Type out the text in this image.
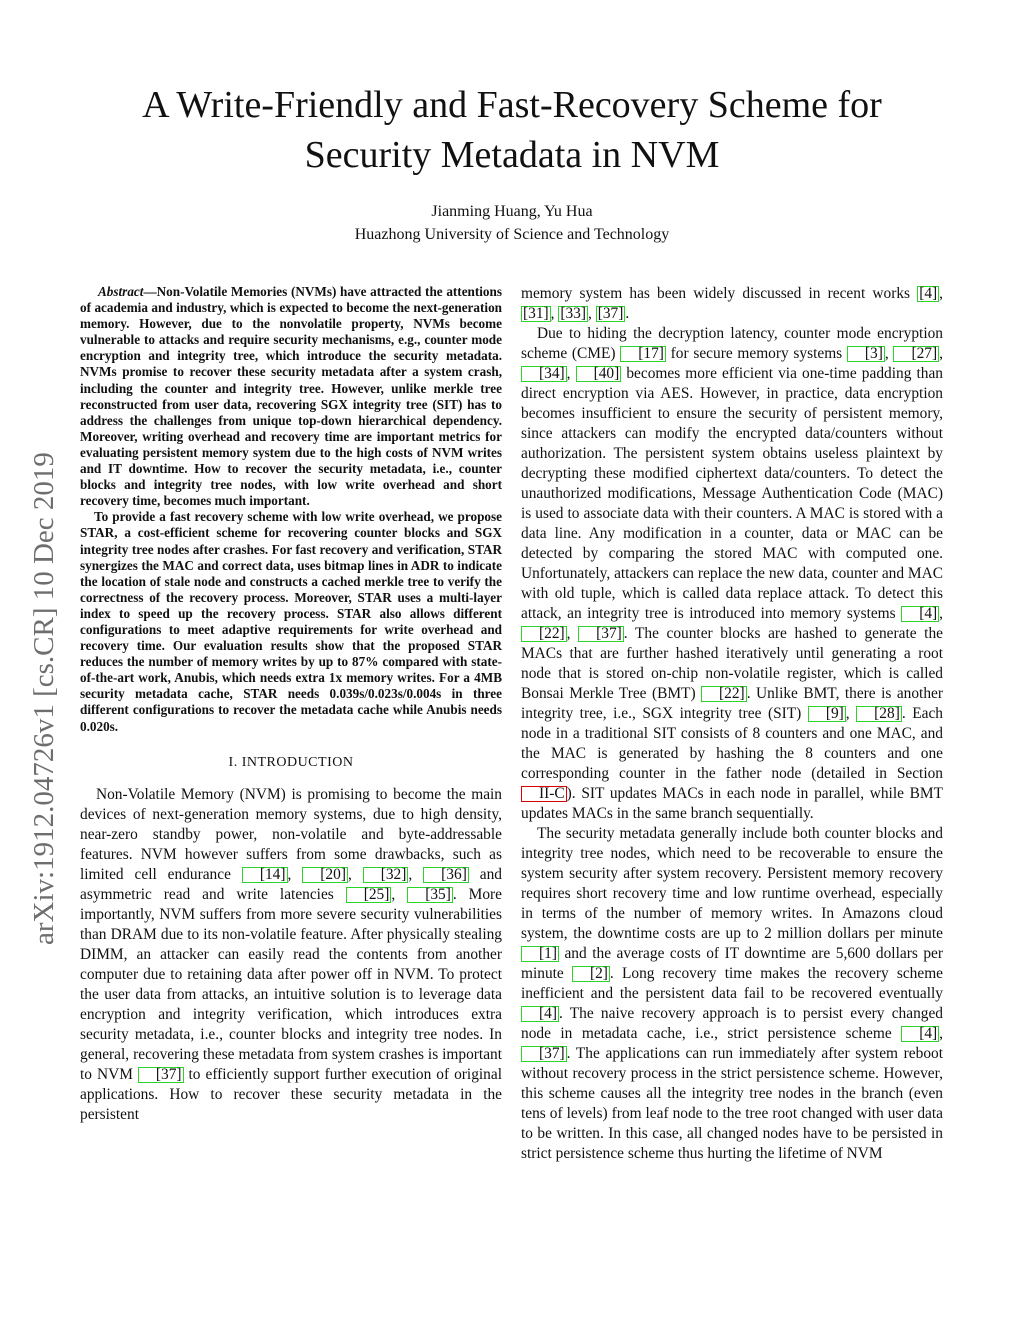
A Write-Friendly and Fast-Recovery Scheme for
Security Metadata in NVM
Jianming Huang, Yu Hua
Huazhong University of Science and Technology
arXiv:1912.04726v1 [cs.CR] 10 Dec 2019

Abstract—Non-Volatile Memories (NVMs) have attracted the attentions of academia and industry, which is expected to become the next-generation memory. However, due to the nonvolatile property, NVMs become vulnerable to attacks and require security mechanisms, e.g., counter mode encryption and integrity tree, which introduce the security metadata. NVMs promise to recover these security metadata after a system crash, including the counter and integrity tree. However, unlike merkle tree reconstructed from user data, recovering SGX integrity tree (SIT) has to address the challenges from unique top-down hierarchical dependency. Moreover, writing overhead and recovery time are important metrics for evaluating persistent memory system due to the high costs of NVM writes and IT downtime. How to recover the security metadata, i.e., counter blocks and integrity tree nodes, with low write overhead and short recovery time, becomes much important.

To provide a fast recovery scheme with low write overhead, we propose STAR, a cost-efficient scheme for recovering counter blocks and SGX integrity tree nodes after crashes. For fast recovery and verification, STAR synergizes the MAC and correct data, uses bitmap lines in ADR to indicate the location of stale node and constructs a cached merkle tree to verify the correctness of the recovery process. Moreover, STAR uses a multi-layer index to speed up the recovery process. STAR also allows different configurations to meet adaptive requirements for write overhead and recovery time. Our evaluation results show that the proposed STAR reduces the number of memory writes by up to 87% compared with state-of-the-art work, Anubis, which needs extra 1x memory writes. For a 4MB security metadata cache, STAR needs 0.039s/0.023s/0.004s in three different configurations to recover the metadata cache while Anubis needs 0.020s.

I. INTRODUCTION

Non-Volatile Memory (NVM) is promising to become the main devices of next-generation memory systems, due to high density, near-zero standby power, non-volatile and byte-addressable features. NVM however suffers from some drawbacks, such as limited cell endurance [14] , [20] , [32] , [36] and asymmetric read and write latencies [25] , [35] . More importantly, NVM suffers from more severe security vulnerabilities than DRAM due to its non-volatile feature. After physically stealing DIMM, an attacker can easily read the contents from another computer due to retaining data after power off in NVM. To protect the user data from attacks, an intuitive solution is to leverage data encryption and integrity verification, which introduces extra security metadata, i.e., counter blocks and integrity tree nodes. In general, recovering these metadata from system crashes is important to NVM [37] to efficiently support further execution of original applications. How to recover these security metadata in the persistent

memory system has been widely discussed in recent works [4] , [31] , [33] , [37] .

Due to hiding the decryption latency, counter mode encryption scheme (CME) [17] for secure memory systems [3] , [27] , [34] , [40] becomes more efficient via one-time padding than direct encryption via AES. However, in practice, data encryption becomes insufficient to ensure the security of persistent memory, since attackers can modify the encrypted data/counters without authorization. The persistent system obtains useless plaintext by decrypting these modified ciphertext data/counters. To detect the unauthorized modifications, Message Authentication Code (MAC) is used to associate data with their counters. A MAC is stored with a data line. Any modification in a counter, data or MAC can be detected by comparing the stored MAC with computed one. Unfortunately, attackers can replace the new data, counter and MAC with old tuple, which is called data replace attack. To detect this attack, an integrity tree is introduced into memory systems [4] , [22] , [37] . The counter blocks are hashed to generate the MACs that are further hashed iteratively until generating a root node that is stored on-chip non-volatile register, which is called Bonsai Merkle Tree (BMT) [22] . Unlike BMT, there is another integrity tree, i.e., SGX integrity tree (SIT) [9] , [28] . Each node in a traditional SIT consists of 8 counters and one MAC, and the MAC is generated by hashing the 8 counters and one corresponding counter in the father node (detailed in Section II-C ). SIT updates MACs in each node in parallel, while BMT updates MACs in the same branch sequentially.

The security metadata generally include both counter blocks and integrity tree nodes, which need to be recoverable to ensure the system security after system recovery. Persistent memory recovery requires short recovery time and low runtime overhead, especially in terms of the number of memory writes. In Amazons cloud system, the downtime costs are up to 2 million dollars per minute [1] and the average costs of IT downtime are 5,600 dollars per minute [2] . Long recovery time makes the recovery scheme inefficient and the persistent data fail to be recovered eventually [4] . The naive recovery approach is to persist every changed node in metadata cache, i.e., strict persistence scheme [4] , [37] . The applications can run immediately after system reboot without recovery process in the strict persistence scheme. However, this scheme causes all the integrity tree nodes in the branch (even tens of levels) from leaf node to the tree root changed with user data to be written. In this case, all changed nodes have to be persisted in strict persistence scheme thus hurting the lifetime of NVM
